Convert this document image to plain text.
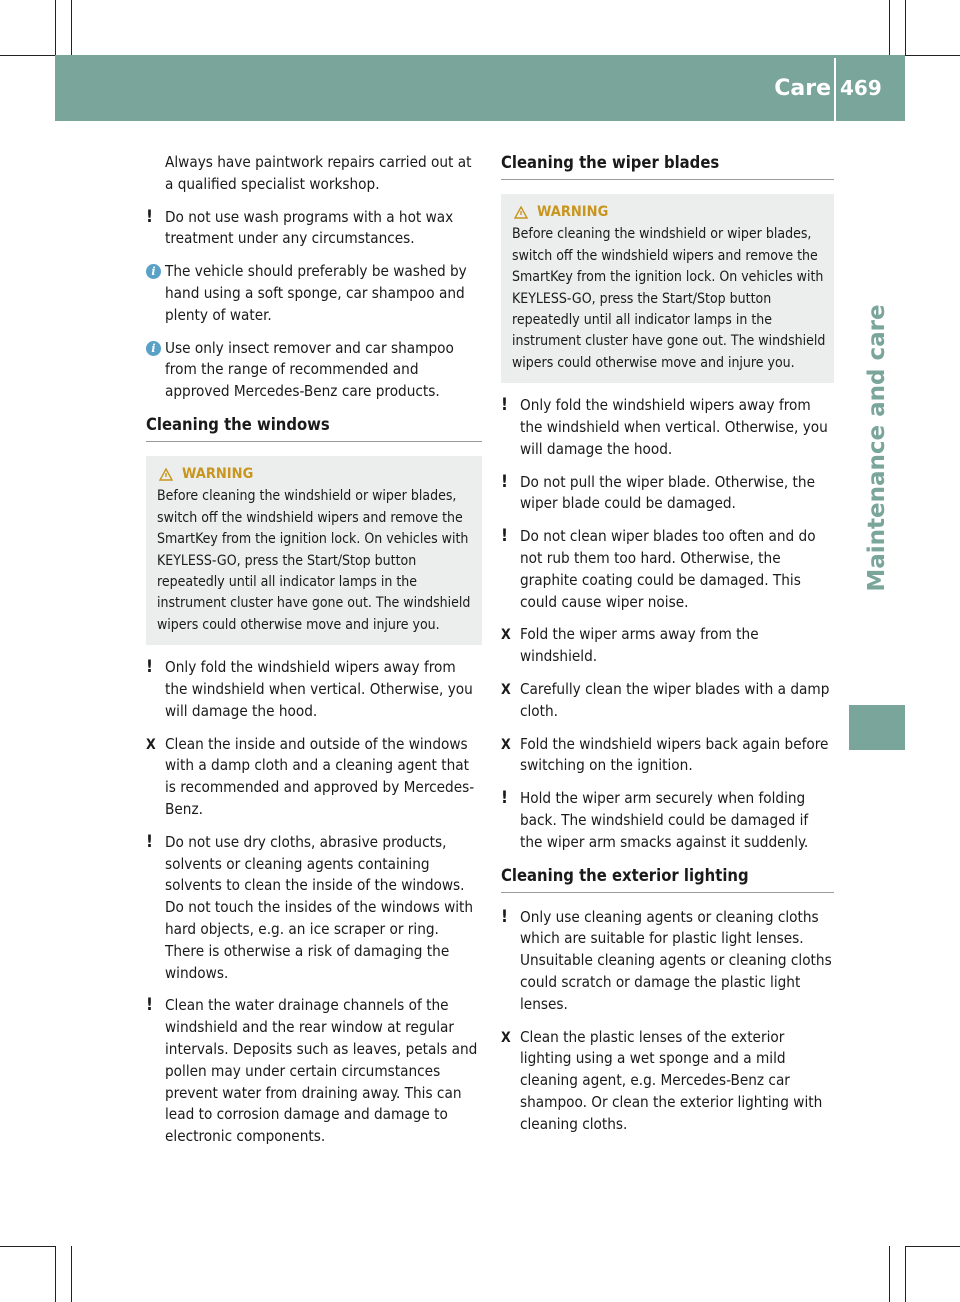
Care 469
Maintenance and care
Always have paintwork repairs carried out at a qualified specialist workshop.
! Do not use wash programs with a hot wax treatment under any circumstances.
i The vehicle should preferably be washed by hand using a soft sponge, car shampoo and plenty of water.
i Use only insect remover and car shampoo from the range of recommended and approved Mercedes-Benz care products.
Cleaning the windows
WARNING
Before cleaning the windshield or wiper blades, switch off the windshield wipers and remove the SmartKey from the ignition lock. On vehicles with KEYLESS-GO, press the Start/Stop button repeatedly until all indicator lamps in the instrument cluster have gone out. The windshield wipers could otherwise move and injure you.
! Only fold the windshield wipers away from the windshield when vertical. Otherwise, you will damage the hood.
X Clean the inside and outside of the windows with a damp cloth and a cleaning agent that is recommended and approved by Mercedes-Benz.
! Do not use dry cloths, abrasive products, solvents or cleaning agents containing solvents to clean the inside of the windows. Do not touch the insides of the windows with hard objects, e.g. an ice scraper or ring. There is otherwise a risk of damaging the windows.
! Clean the water drainage channels of the windshield and the rear window at regular intervals. Deposits such as leaves, petals and pollen may under certain circumstances prevent water from draining away. This can lead to corrosion damage and damage to electronic components.
Cleaning the wiper blades
WARNING
Before cleaning the windshield or wiper blades, switch off the windshield wipers and remove the SmartKey from the ignition lock. On vehicles with KEYLESS-GO, press the Start/Stop button repeatedly until all indicator lamps in the instrument cluster have gone out. The windshield wipers could otherwise move and injure you.
! Only fold the windshield wipers away from the windshield when vertical. Otherwise, you will damage the hood.
! Do not pull the wiper blade. Otherwise, the wiper blade could be damaged.
! Do not clean wiper blades too often and do not rub them too hard. Otherwise, the graphite coating could be damaged. This could cause wiper noise.
X Fold the wiper arms away from the windshield.
X Carefully clean the wiper blades with a damp cloth.
X Fold the windshield wipers back again before switching on the ignition.
! Hold the wiper arm securely when folding back. The windshield could be damaged if the wiper arm smacks against it suddenly.
Cleaning the exterior lighting
! Only use cleaning agents or cleaning cloths which are suitable for plastic light lenses. Unsuitable cleaning agents or cleaning cloths could scratch or damage the plastic light lenses.
X Clean the plastic lenses of the exterior lighting using a wet sponge and a mild cleaning agent, e.g. Mercedes-Benz car shampoo. Or clean the exterior lighting with cleaning cloths.
